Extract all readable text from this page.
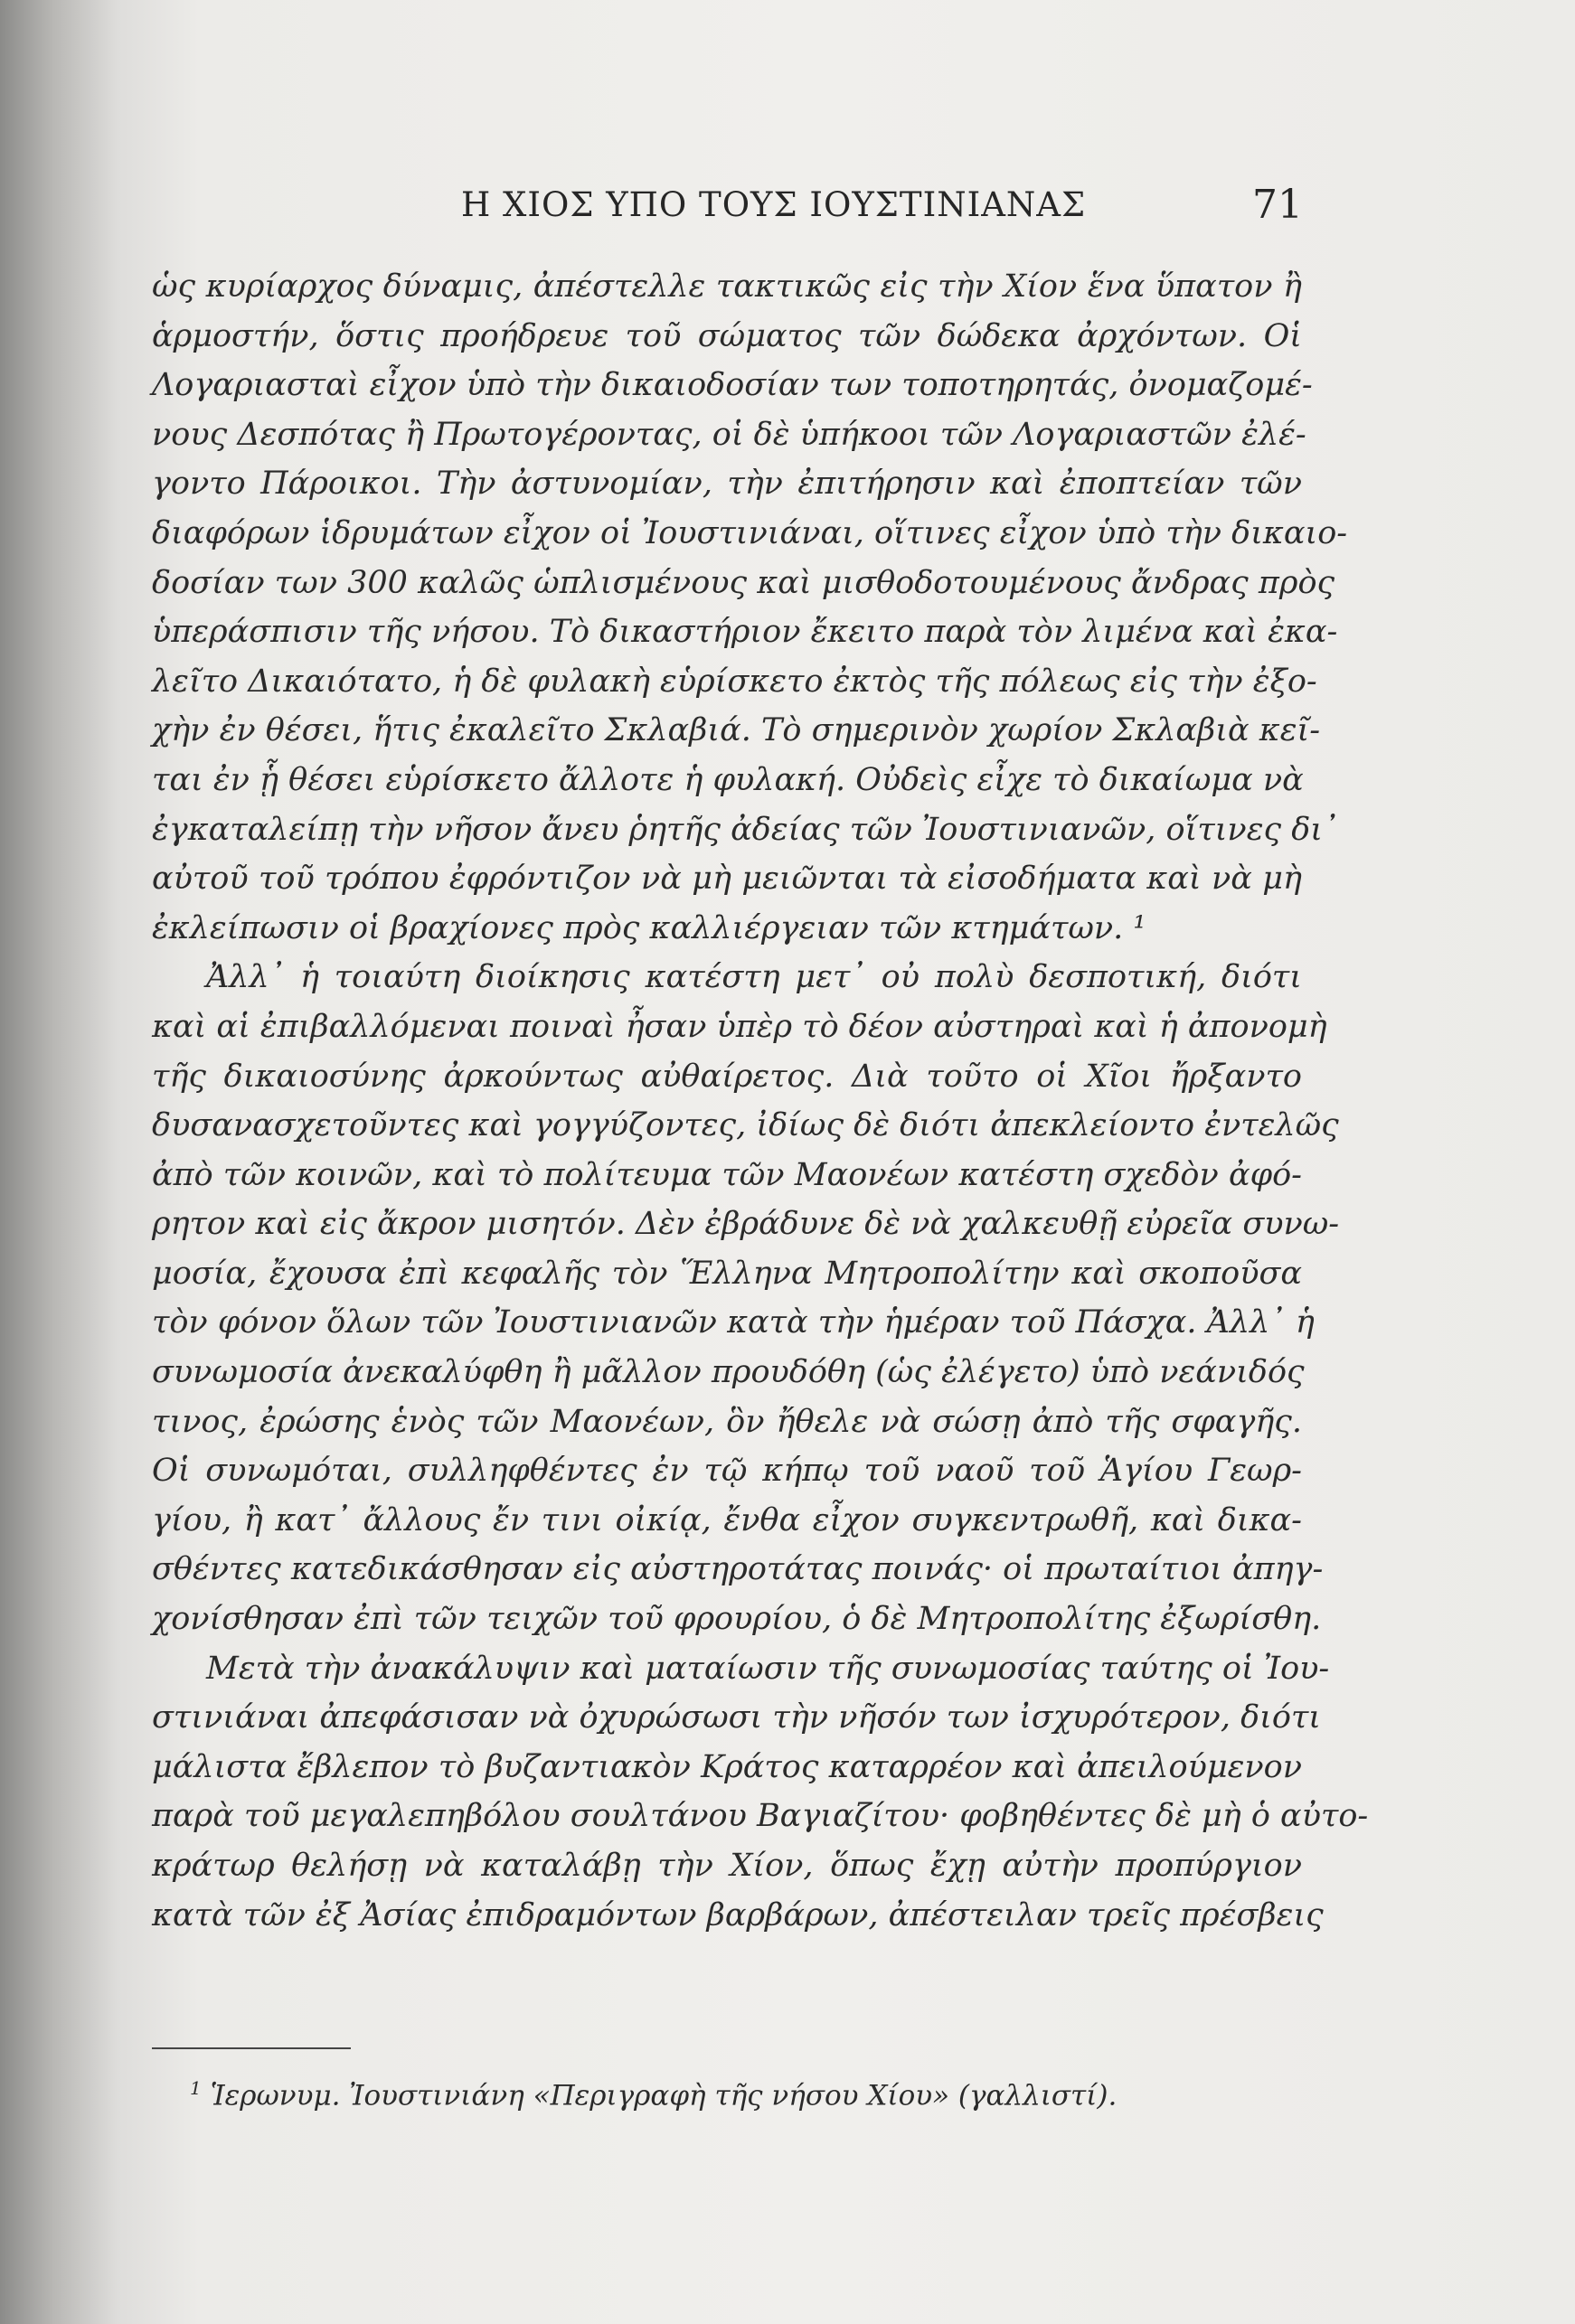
Η ΧΙΟΣ ΥΠΟ ΤΟΥΣ ΙΟΥΣΤΙΝΙΑΝΑΣ	71
ὡς κυρίαρχος δύναμις, ἀπέστελλε τακτικῶς εἰς τὴν Χίον ἕνα ὕπατον ἢ
ἁρμοστήν, ὅστις προήδρευε τοῦ σώματος τῶν δώδεκα ἀρχόντων. Οἱ
Λογαριασταὶ εἶχον ὑπὸ τὴν δικαιοδοσίαν των τοποτηρητάς, ὀνομαζομέ-
νους Δεσπότας ἢ Πρωτογέροντας, οἱ δὲ ὑπήκοοι τῶν Λογαριαστῶν ἐλέ-
γοντο Πάροικοι. Τὴν ἀστυνομίαν, τὴν ἐπιτήρησιν καὶ ἐποπτείαν τῶν
διαφόρων ἱδρυμάτων εἶχον οἱ Ἰουστινιάναι, οἵτινες εἶχον ὑπὸ τὴν δικαιο-
δοσίαν των 300 καλῶς ὡπλισμένους καὶ μισθοδοτουμένους ἄνδρας πρὸς
ὑπεράσπισιν τῆς νήσου. Τὸ δικαστήριον ἔκειτο παρὰ τὸν λιμένα καὶ ἐκα-
λεῖτο Δικαιότατο, ἡ δὲ φυλακὴ εὑρίσκετο ἐκτὸς τῆς πόλεως εἰς τὴν ἐξο-
χὴν ἐν θέσει, ἥτις ἐκαλεῖτο Σκλαβιά. Τὸ σημερινὸν χωρίον Σκλαβιὰ κεῖ-
ται ἐν ᾗ θέσει εὑρίσκετο ἄλλοτε ἡ φυλακή. Οὐδεὶς εἶχε τὸ δικαίωμα νὰ
ἐγκαταλείπῃ τὴν νῆσον ἄνευ ῥητῆς ἀδείας τῶν Ἰουστινιανῶν, οἵτινες δι᾽
αὐτοῦ τοῦ τρόπου ἐφρόντιζον νὰ μὴ μειῶνται τὰ εἰσοδήματα καὶ νὰ μὴ
ἐκλείπωσιν οἱ βραχίονες πρὸς καλλιέργειαν τῶν κτημάτων. ¹
Ἀλλ᾽ ἡ τοιαύτη διοίκησις κατέστη μετ᾽ οὐ πολὺ δεσποτική, διότι
καὶ αἱ ἐπιβαλλόμεναι ποιναὶ ἦσαν ὑπὲρ τὸ δέον αὐστηραὶ καὶ ἡ ἀπονομὴ
τῆς δικαιοσύνης ἀρκούντως αὐθαίρετος. Διὰ τοῦτο οἱ Χῖοι ἤρξαντο
δυσανασχετοῦντες καὶ γογγύζοντες, ἰδίως δὲ διότι ἀπεκλείοντο ἐντελῶς
ἀπὸ τῶν κοινῶν, καὶ τὸ πολίτευμα τῶν Μαονέων κατέστη σχεδὸν ἀφό-
ρητον καὶ εἰς ἄκρον μισητόν. Δὲν ἐβράδυνε δὲ νὰ χαλκευθῇ εὐρεῖα συνω-
μοσία, ἔχουσα ἐπὶ κεφαλῆς τὸν Ἕλληνα Μητροπολίτην καὶ σκοποῦσα
τὸν φόνον ὅλων τῶν Ἰουστινιανῶν κατὰ τὴν ἡμέραν τοῦ Πάσχα. Ἀλλ᾽ ἡ
συνωμοσία ἀνεκαλύφθη ἢ μᾶλλον προυδόθη (ὡς ἐλέγετο) ὑπὸ νεάνιδός
τινος, ἐρώσης ἑνὸς τῶν Μαονέων, ὃν ἤθελε νὰ σώσῃ ἀπὸ τῆς σφαγῆς.
Οἱ συνωμόται, συλληφθέντες ἐν τῷ κήπῳ τοῦ ναοῦ τοῦ Ἁγίου Γεωρ-
γίου, ἢ κατ᾽ ἄλλους ἔν τινι οἰκίᾳ, ἔνθα εἶχον συγκεντρωθῆ, καὶ δικα-
σθέντες κατεδικάσθησαν εἰς αὐστηροτάτας ποινάς· οἱ πρωταίτιοι ἀπηγ-
χονίσθησαν ἐπὶ τῶν τειχῶν τοῦ φρουρίου, ὁ δὲ Μητροπολίτης ἐξωρίσθη.
Μετὰ τὴν ἀνακάλυψιν καὶ ματαίωσιν τῆς συνωμοσίας ταύτης οἱ Ἰου-
στινιάναι ἀπεφάσισαν νὰ ὀχυρώσωσι τὴν νῆσόν των ἰσχυρότερον, διότι
μάλιστα ἔβλεπον τὸ βυζαντιακὸν Κράτος καταρρέον καὶ ἀπειλούμενον
παρὰ τοῦ μεγαλεπηβόλου σουλτάνου Βαγιαζίτου· φοβηθέντες δὲ μὴ ὁ αὐτο-
κράτωρ θελήσῃ νὰ καταλάβῃ τὴν Χίον, ὅπως ἔχῃ αὐτὴν προπύργιον
κατὰ τῶν ἐξ Ἀσίας ἐπιδραμόντων βαρβάρων, ἀπέστειλαν τρεῖς πρέσβεις
$^1$ Ἱερωνυμ. Ἰουστινιάνη «Περιγραφὴ τῆς νήσου Χίου» (γαλλιστί).
